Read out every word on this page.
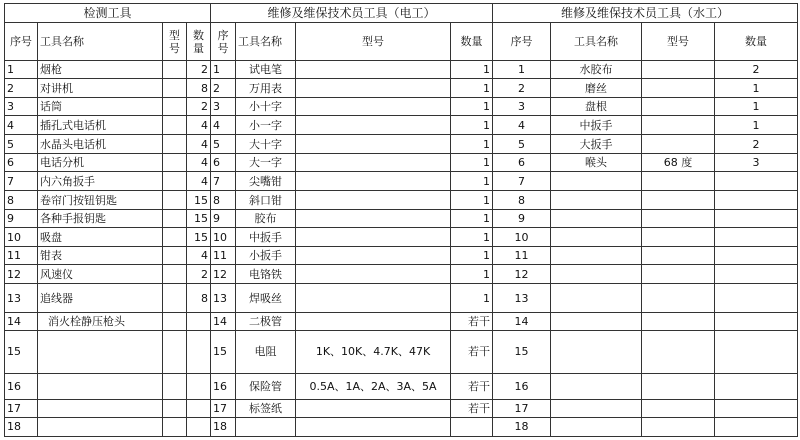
检测工具				维修及维保技术员工具（电工）				维修及维保技术员工具（水工）			
序号	工具名称	型号	数量	序号	工具名称	型号	数量	序号	工具名称	型号	数量
1	烟枪		2	1	试电笔		1	1	水胶布		2
2	对讲机		8	2	万用表		1	2	磨丝		1
3	话筒		2	3	小十字		1	3	盘根		1
4	插孔式电话机		4	4	小一字		1	4	中扳手		1
5	水晶头电话机		4	5	大十字		1	5	大扳手		2
6	电话分机		4	6	大一字		1	6	喉头	68 度	3
7	内六角扳手		4	7	尖嘴钳		1	7			
8	卷帘门按钮钥匙		15	8	斜口钳		1	8			
9	各种手报钥匙		15	9	胶布		1	9			
10	吸盘		15	10	中扳手		1	10			
11	钳表		4	11	小扳手		1	11			
12	风速仪		2	12	电铬铁		1	12			
13	追线器		8	13	焊吸丝		1	13			
14	消火栓静压枪头			14	二极管		若干	14			
15				15	电阻	1K、10K、4.7K、47K	若干	15			
16				16	保险管	0.5A、1A、2A、3A、5A	若干	16			
17				17	标签纸		若干	17			
18				18				18			
